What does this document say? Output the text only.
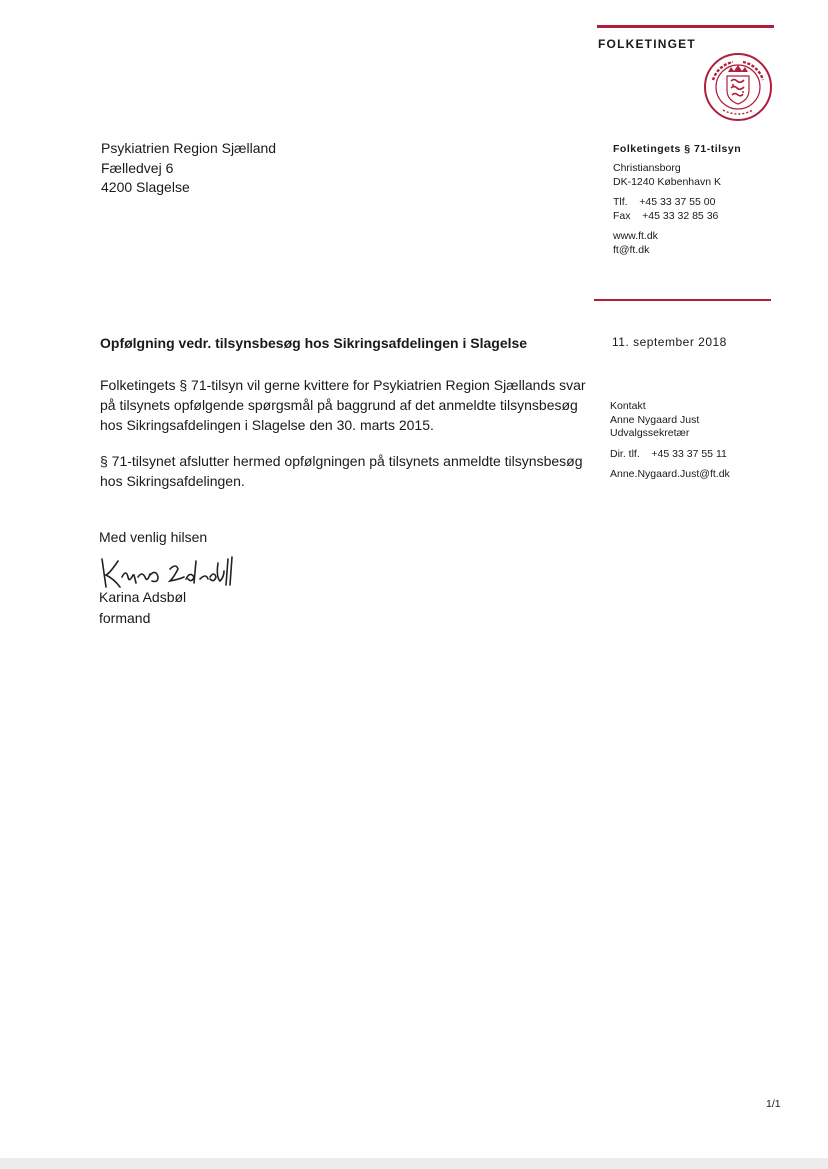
FOLKETINGET
Psykiatrien Region Sjælland
Fælledvej 6
4200 Slagelse
Folketingets § 71-tilsyn
Christiansborg
DK-1240 København K
Tlf.    +45 33 37 55 00
Fax    +45 33 32 85 36
www.ft.dk
ft@ft.dk
Opfølgning vedr. tilsynsbesøg hos Sikringsafdelingen i Slagelse	11. september 2018

Folketingets § 71-tilsyn vil gerne kvittere for Psykiatrien Region Sjællands svar på tilsynets opfølgende spørgsmål på baggrund af det anmeldte tilsynsbesøg hos Sikringsafdelingen i Slagelse den 30. marts 2015.

§ 71-tilsynet afslutter hermed opfølgningen på tilsynets anmeldte tilsynsbesøg hos Sikringsafdelingen.

Kontakt
Anne Nygaard Just
Udvalgssekretær
Dir. tlf.    +45 33 37 55 11
Anne.Nygaard.Just@ft.dk
Med venlig hilsen
Karina Adsbøl
formand
1/1
